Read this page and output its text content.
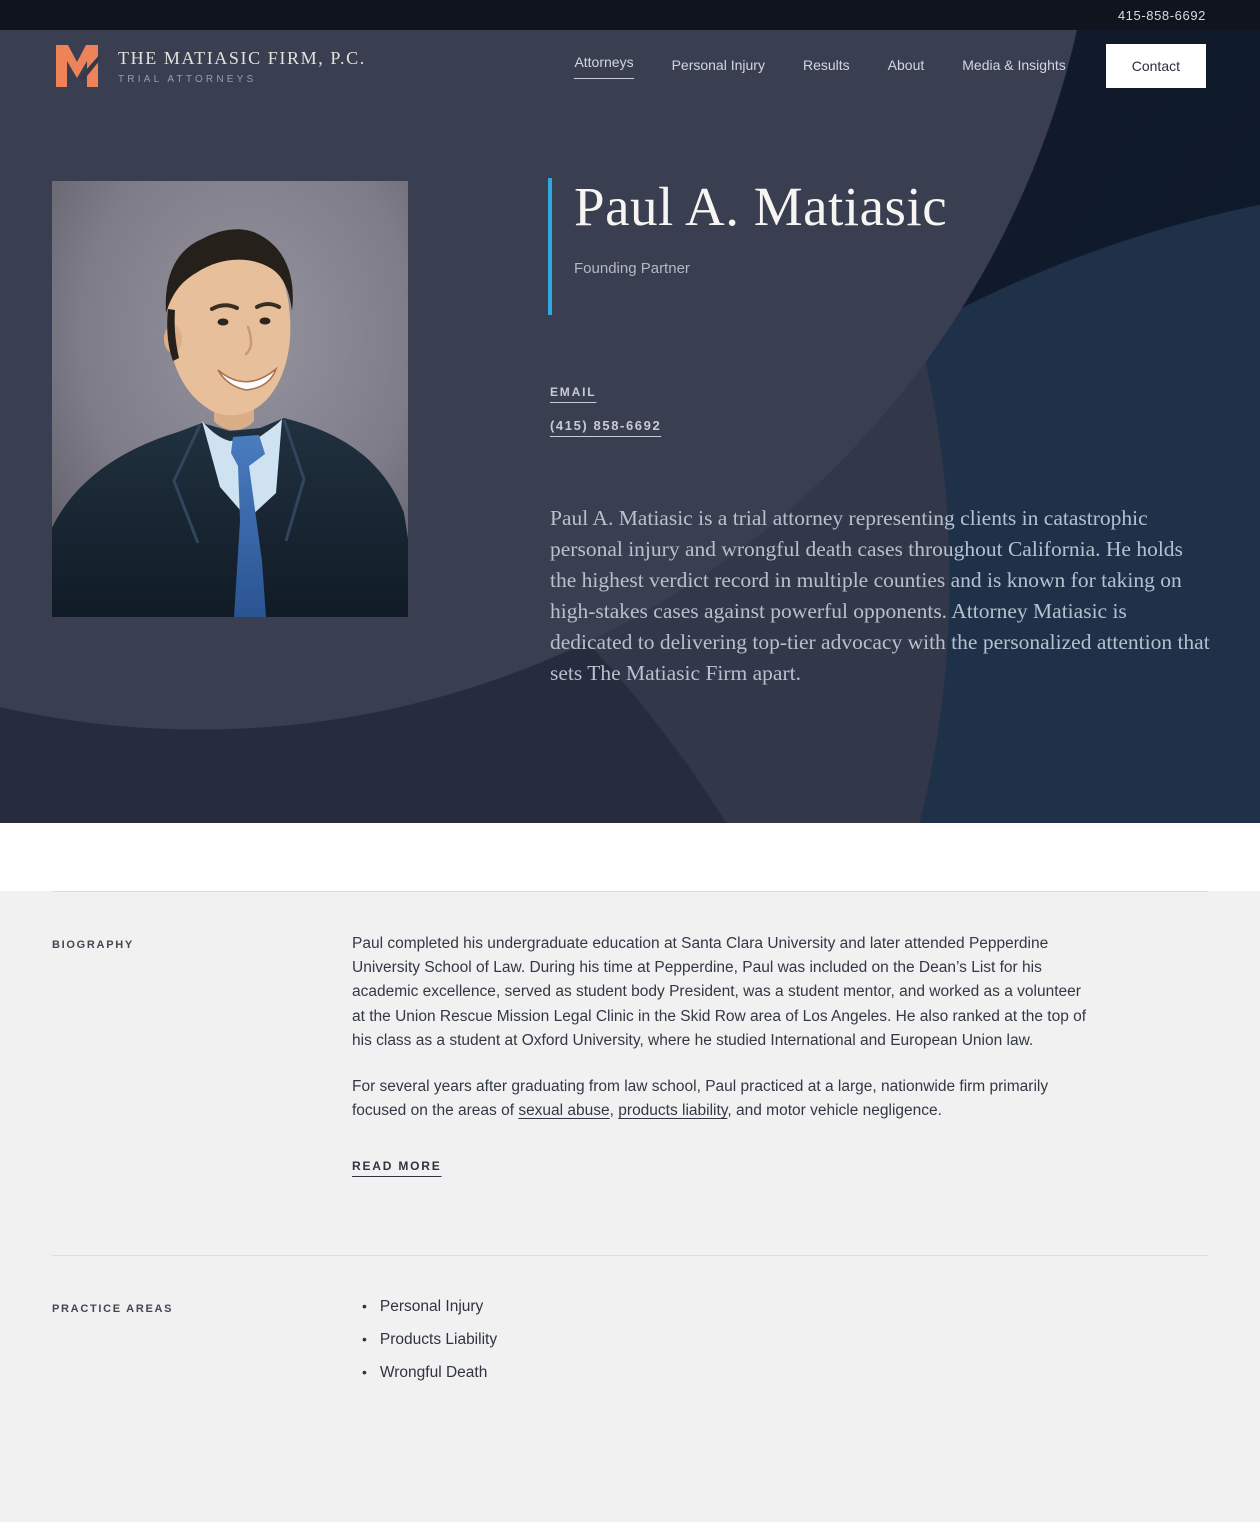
415-858-6692
THE MATIASIC FIRM, P.C.
TRIAL ATTORNEYS
Attorneys	Personal Injury	Results	About	Media & Insights	Contact
Paul A. Matiasic
Founding Partner
EMAIL
(415) 858-6692

Paul A. Matiasic is a trial attorney representing clients in catastrophic personal injury and wrongful death cases throughout California. He holds the highest verdict record in multiple counties and is known for taking on high-stakes cases against powerful opponents. Attorney Matiasic is dedicated to delivering top-tier advocacy with the personalized attention that sets The Matiasic Firm apart.

BIOGRAPHY	Paul completed his undergraduate education at Santa Clara University and later attended Pepperdine University School of Law. During his time at Pepperdine, Paul was included on the Dean’s List for his academic excellence, served as student body President, was a student mentor, and worked as a volunteer at the Union Rescue Mission Legal Clinic in the Skid Row area of Los Angeles. He also ranked at the top of his class as a student at Oxford University, where he studied International and European Union law.

For several years after graduating from law school, Paul practiced at a large, nationwide firm primarily focused on the areas of sexual abuse, products liability, and motor vehicle negligence.

READ MORE
PRACTICE AREAS	• Personal Injury
• Products Liability
• Wrongful Death
